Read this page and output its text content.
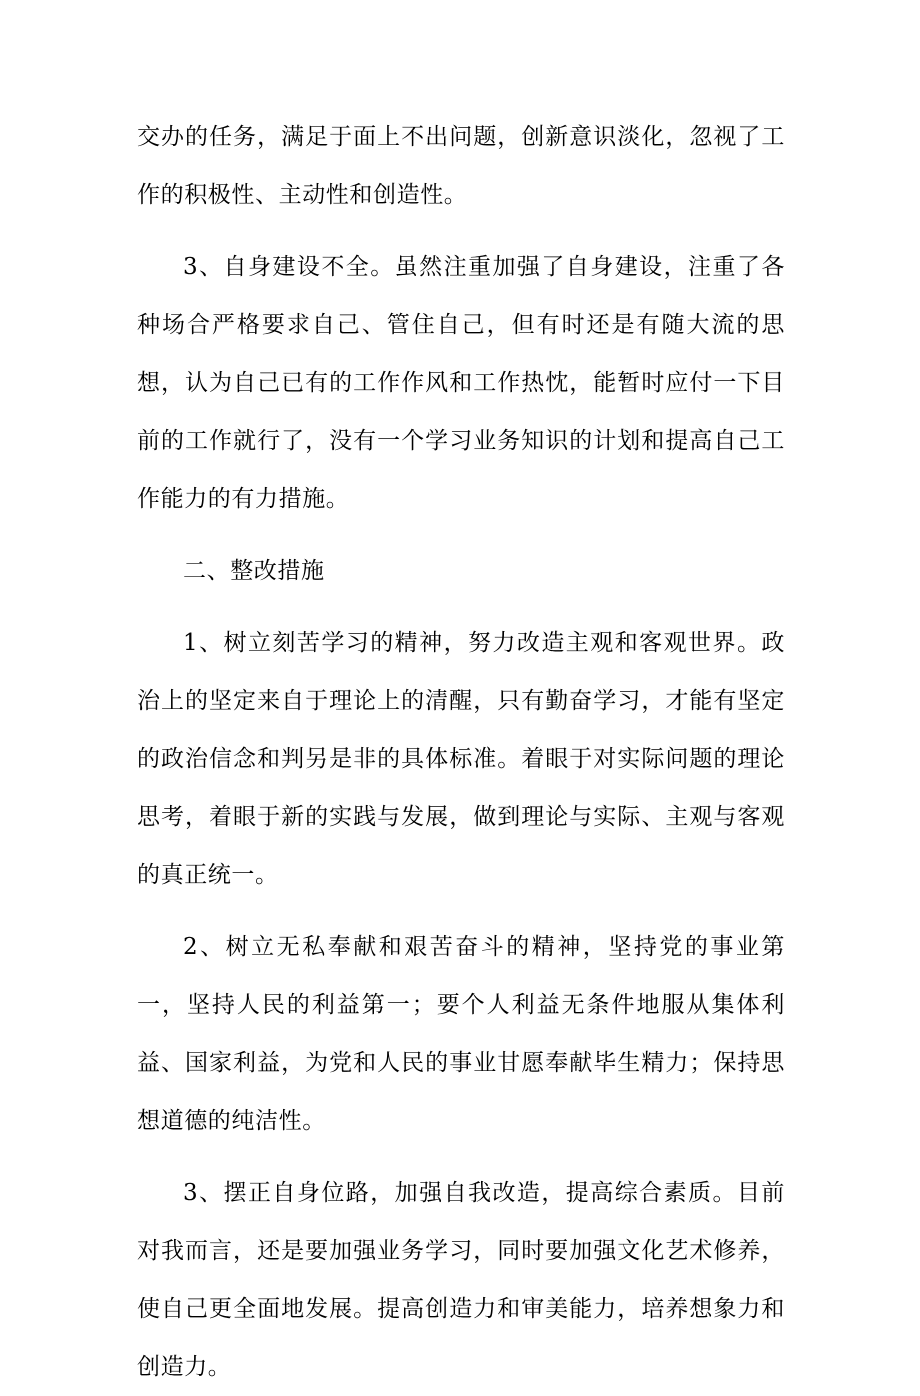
交办的任务，满足于面上不出问题，创新意识淡化，忽视了工作的积极性、主动性和创造性。

3、自身建设不全。虽然注重加强了自身建设，注重了各种场合严格要求自己、管住自己，但有时还是有随大流的思想，认为自己已有的工作作风和工作热忱，能暂时应付一下目前的工作就行了，没有一个学习业务知识的计划和提高自己工作能力的有力措施。

二、整改措施

1、树立刻苦学习的精神，努力改造主观和客观世界。政治上的坚定来自于理论上的清醒，只有勤奋学习，才能有坚定的政治信念和判另是非的具体标准。着眼于对实际问题的理论思考，着眼于新的实践与发展，做到理论与实际、主观与客观的真正统一。

2、树立无私奉献和艰苦奋斗的精神，坚持党的事业第一，坚持人民的利益第一；要个人利益无条件地服从集体利益、国家利益，为党和人民的事业甘愿奉献毕生精力；保持思想道德的纯洁性。

3、摆正自身位路，加强自我改造，提高综合素质。目前对我而言，还是要加强业务学习，同时要加强文化艺术修养，使自己更全面地发展。提高创造力和审美能力，培养想象力和创造力。
